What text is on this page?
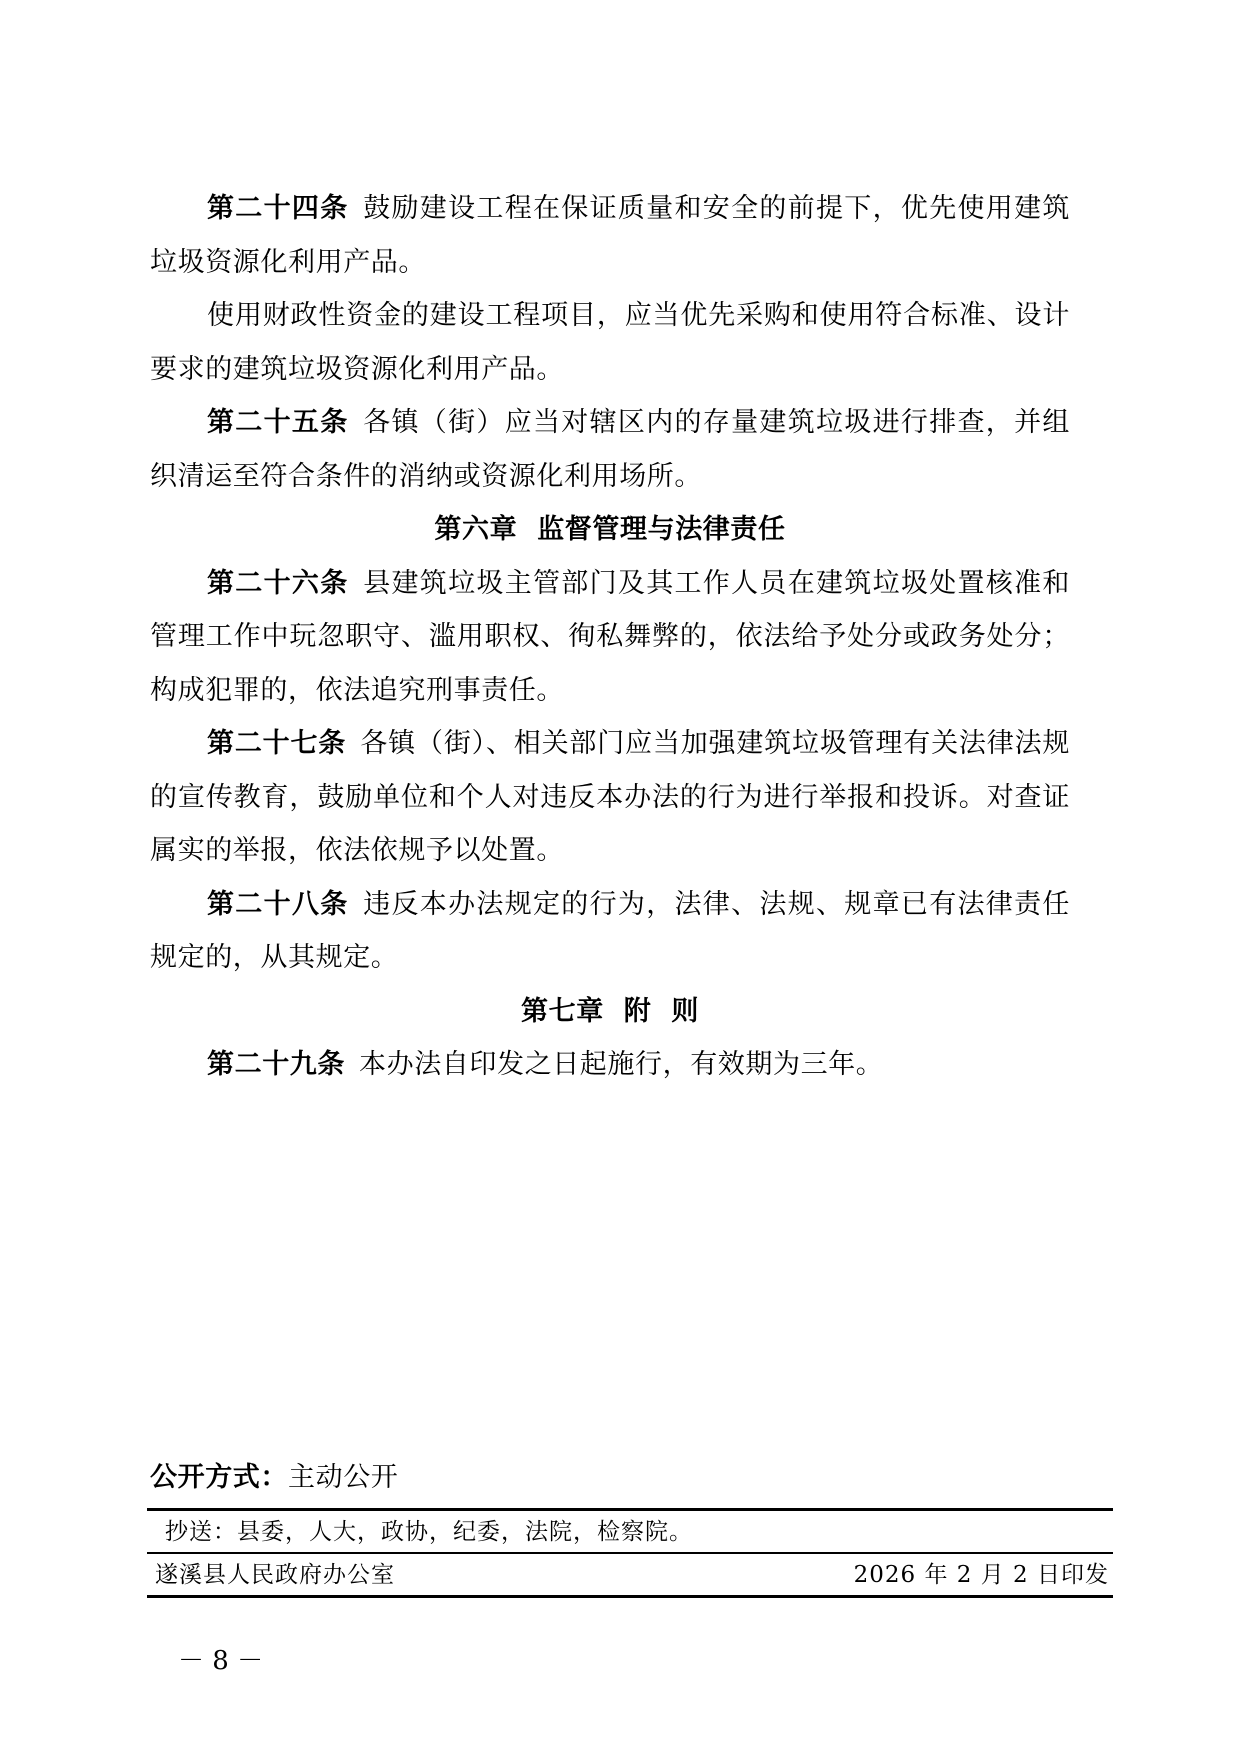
第二十四条 鼓励建设工程在保证质量和安全的前提下，优先使用建筑垃圾资源化利用产品。

使用财政性资金的建设工程项目，应当优先采购和使用符合标准、设计要求的建筑垃圾资源化利用产品。

第二十五条 各镇（街）应当对辖区内的存量建筑垃圾进行排查，并组织清运至符合条件的消纳或资源化利用场所。

第六章  监督管理与法律责任

第二十六条 县建筑垃圾主管部门及其工作人员在建筑垃圾处置核准和管理工作中玩忽职守、滥用职权、徇私舞弊的，依法给予处分或政务处分；构成犯罪的，依法追究刑事责任。

第二十七条 各镇（街）、相关部门应当加强建筑垃圾管理有关法律法规的宣传教育，鼓励单位和个人对违反本办法的行为进行举报和投诉。对查证属实的举报，依法依规予以处置。

第二十八条 违反本办法规定的行为，法律、法规、规章已有法律责任规定的，从其规定。

第七章  附  则

第二十九条 本办法自印发之日起施行，有效期为三年。

公开方式：主动公开
抄送：县委，人大，政协，纪委，法院，检察院。
遂溪县人民政府办公室	2026 年 2 月 2 日印发
－ 8 －
